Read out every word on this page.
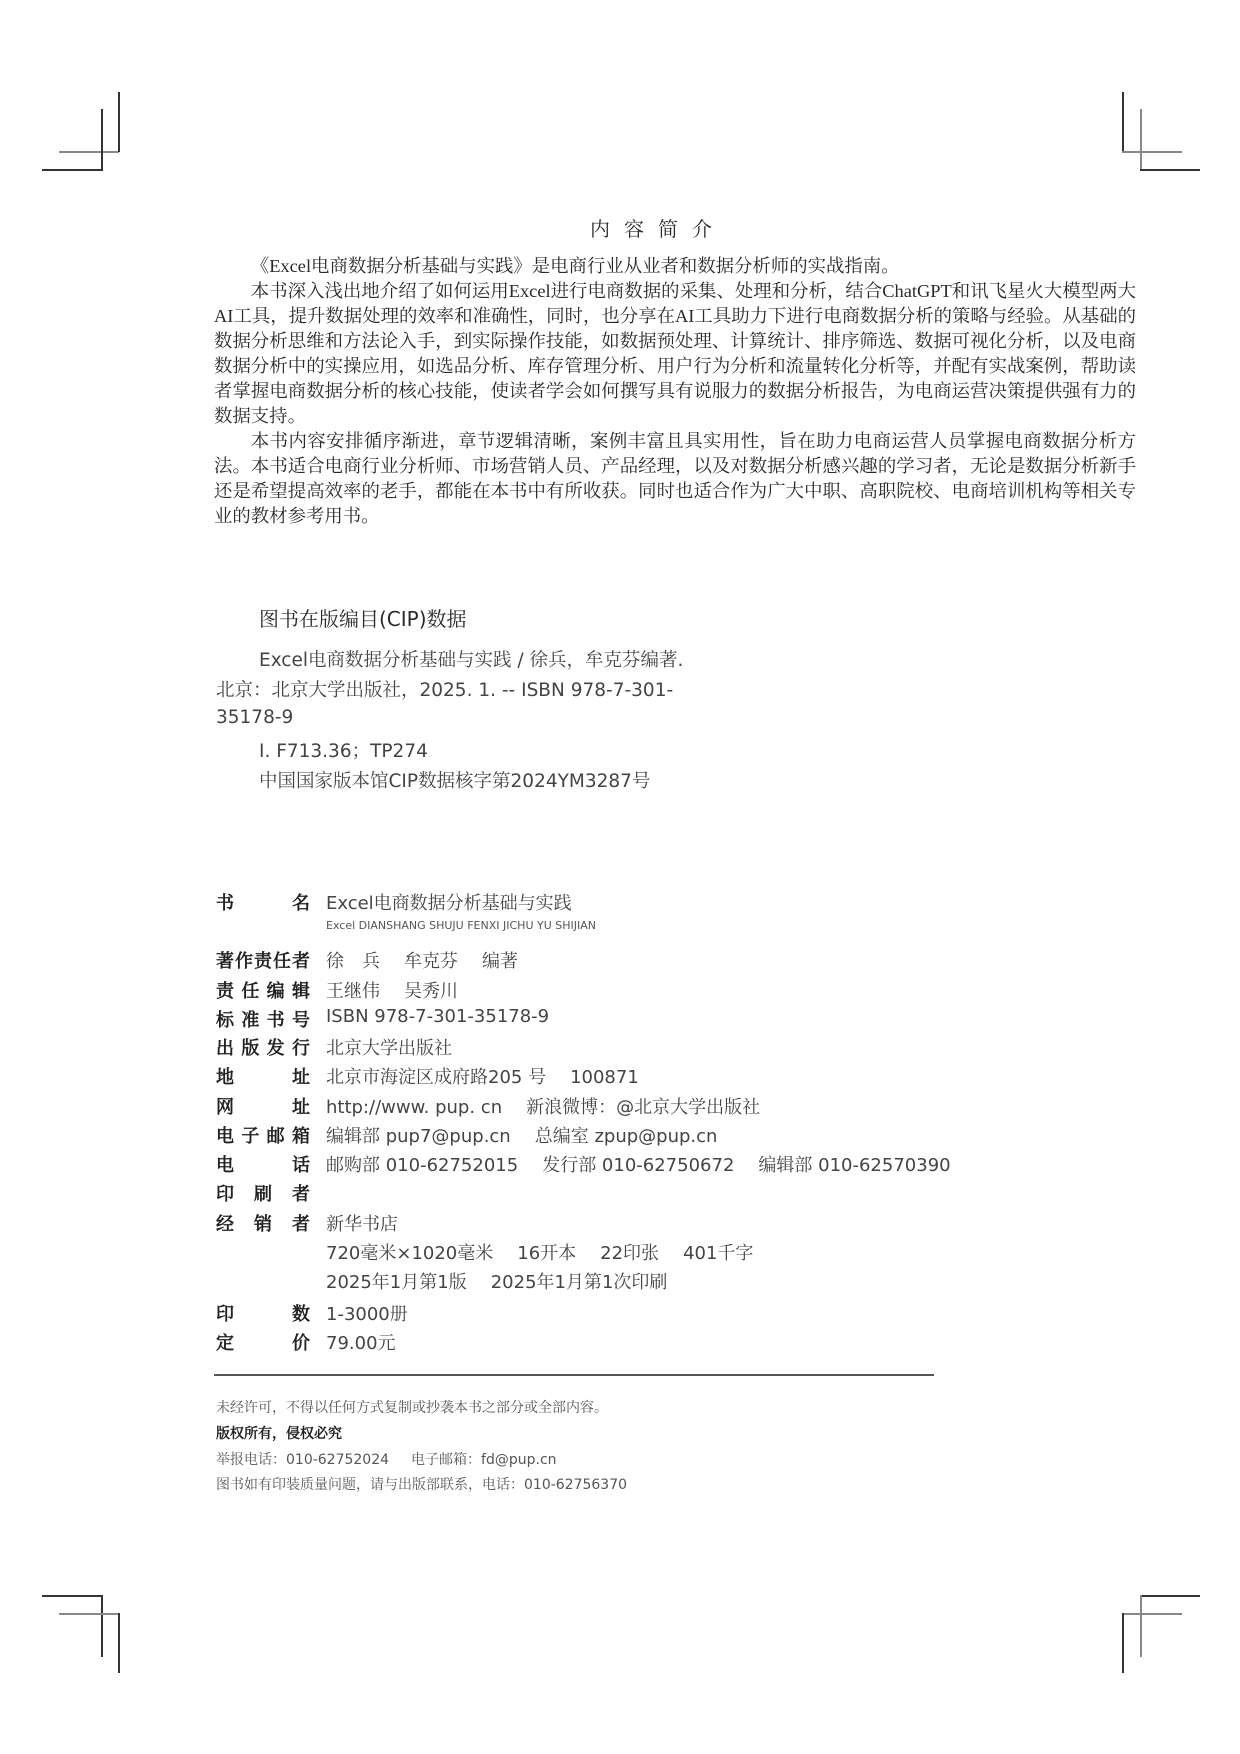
内容简介

《Excel电商数据分析基础与实践》是电商行业从业者和数据分析师的实战指南。

本书深入浅出地介绍了如何运用Excel进行电商数据的采集、处理和分析，结合ChatGPT和讯飞星火大模型两大AI工具，提升数据处理的效率和准确性，同时，也分享在AI工具助力下进行电商数据分析的策略与经验。从基础的数据分析思维和方法论入手，到实际操作技能，如数据预处理、计算统计、排序筛选、数据可视化分析，以及电商数据分析中的实操应用，如选品分析、库存管理分析、用户行为分析和流量转化分析等，并配有实战案例，帮助读者掌握电商数据分析的核心技能，使读者学会如何撰写具有说服力的数据分析报告，为电商运营决策提供强有力的数据支持。

本书内容安排循序渐进，章节逻辑清晰，案例丰富且具实用性，旨在助力电商运营人员掌握电商数据分析方法。本书适合电商行业分析师、市场营销人员、产品经理，以及对数据分析感兴趣的学习者，无论是数据分析新手还是希望提高效率的老手，都能在本书中有所收获。同时也适合作为广大中职、高职院校、电商培训机构等相关专业的教材参考用书。

图书在版编目(CIP)数据
Excel电商数据分析基础与实践 / 徐兵，牟克芬编著.
北京：北京大学出版社，2025. 1. -- ISBN 978-7-301-
35178-9
Ⅰ. F713.36；TP274
中国国家版本馆CIP数据核字第2024YM3287号
书名 Excel电商数据分析基础与实践
著作责任者 徐　兵 牟克芬 编著
责任编辑 王继伟 吴秀川
标准书号 ISBN 978-7-301-35178-9
出版发行 北京大学出版社
地址 北京市海淀区成府路205 号 100871
网址 http://www. pup. cn 新浪微博：@北京大学出版社
电子邮箱 编辑部 pup7@pup.cn 总编室 zpup@pup.cn
电话 邮购部 010-62752015 发行部 010-62750672 编辑部 010-62570390
印刷者
经销者 新华书店
720毫米×1020毫米 16开本 22印张 401千字
2025年1月第1版 2025年1月第1次印刷
印数 1-3000册
定价 79.00元
Excel DIANSHANG SHUJU FENXI JICHU YU SHIJIAN
未经许可，不得以任何方式复制或抄袭本书之部分或全部内容。
版权所有，侵权必究
举报电话：010-62752024 电子邮箱：fd@pup.cn
图书如有印装质量问题，请与出版部联系，电话：010-62756370
